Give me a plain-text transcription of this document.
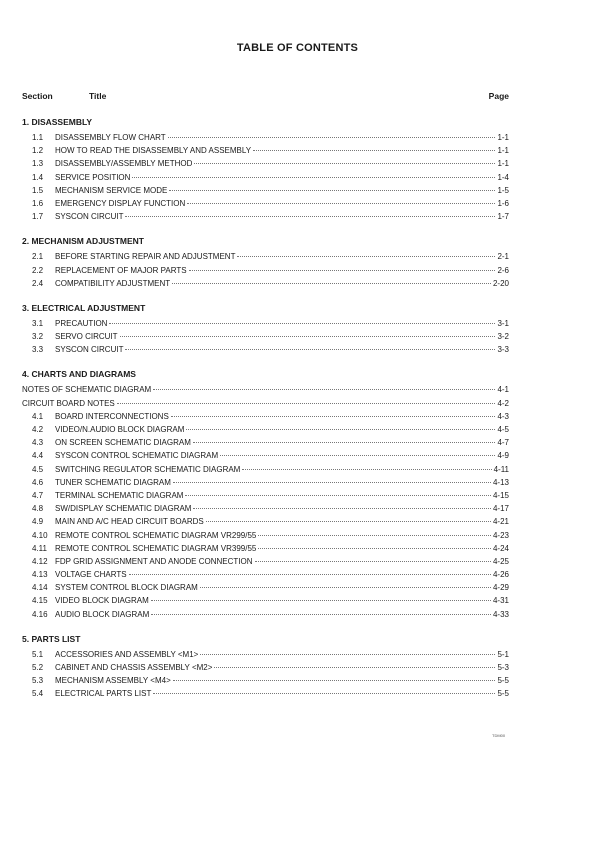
TABLE OF CONTENTS
Section	Title	Page
1. DISASSEMBLY
1.1	DISASSEMBLY FLOW CHART	1-1
1.2	HOW TO READ THE DISASSEMBLY AND ASSEMBLY	1-1
1.3	DISASSEMBLY/ASSEMBLY METHOD	1-1
1.4	SERVICE POSITION	1-4
1.5	MECHANISM SERVICE MODE	1-5
1.6	EMERGENCY DISPLAY FUNCTION	1-6
1.7	SYSCON CIRCUIT	1-7
2. MECHANISM ADJUSTMENT
2.1	BEFORE STARTING REPAIR AND ADJUSTMENT	2-1
2.2	REPLACEMENT OF MAJOR PARTS	2-6
2.4	COMPATIBILITY ADJUSTMENT	2-20
3. ELECTRICAL ADJUSTMENT
3.1	PRECAUTION	3-1
3.2	SERVO CIRCUIT	3-2
3.3	SYSCON CIRCUIT	3-3
4. CHARTS AND DIAGRAMS
NOTES OF SCHEMATIC DIAGRAM	4-1
CIRCUIT BOARD NOTES	4-2
4.1	BOARD INTERCONNECTIONS	4-3
4.2	VIDEO/N.AUDIO BLOCK DIAGRAM	4-5
4.3	ON SCREEN SCHEMATIC DIAGRAM	4-7
4.4	SYSCON CONTROL SCHEMATIC DIAGRAM	4-9
4.5	SWITCHING REGULATOR SCHEMATIC DIAGRAM	4-11
4.6	TUNER SCHEMATIC DIAGRAM	4-13
4.7	TERMINAL SCHEMATIC DIAGRAM	4-15
4.8	SW/DISPLAY SCHEMATIC DIAGRAM	4-17
4.9	MAIN AND A/C HEAD CIRCUIT BOARDS	4-21
4.10 REMOTE CONTROL SCHEMATIC DIAGRAM VR299/55	4-23
4.11	REMOTE CONTROL SCHEMATIC DIAGRAM VR399/55	4-24
4.12 FDP GRID ASSIGNMENT AND ANODE CONNECTION	4-25
4.13 VOLTAGE CHARTS	4-26
4.14 SYSTEM CONTROL BLOCK DIAGRAM	4-29
4.15 VIDEO BLOCK DIAGRAM	4-31
4.16 AUDIO BLOCK DIAGRAM	4-33
5. PARTS LIST
5.1	ACCESSORIES AND ASSEMBLY <M1>	5-1
5.2	CABINET AND CHASSIS ASSEMBLY <M2>	5-3
5.3	MECHANISM ASSEMBLY <M4>	5-5
5.4	ELECTRICAL PARTS LIST	5-5
TDM00
